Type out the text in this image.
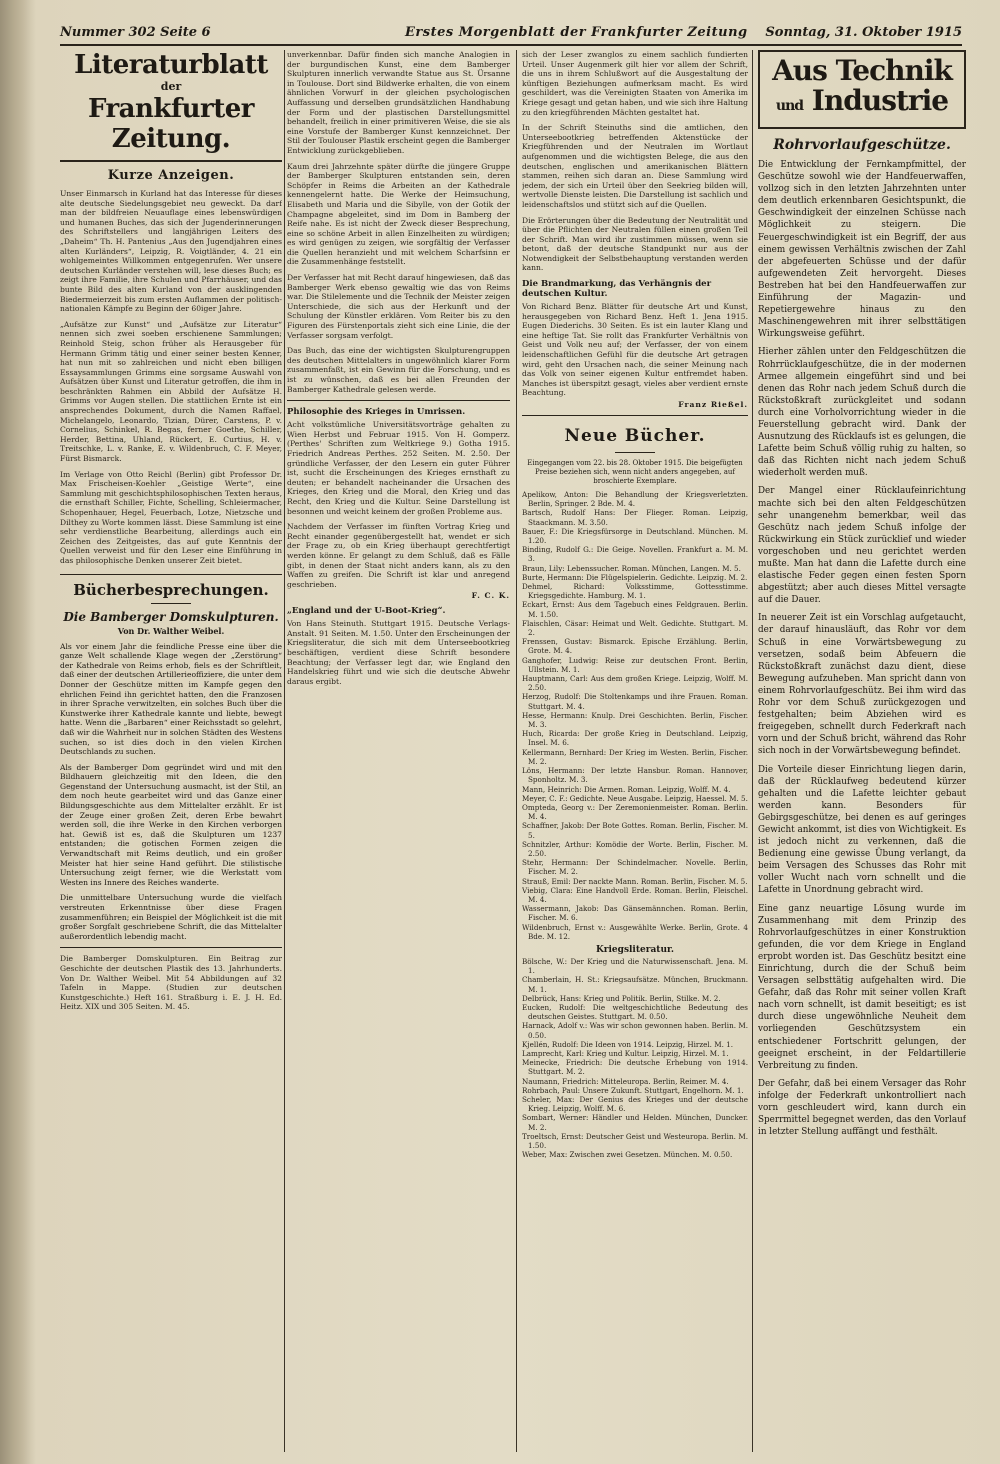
Nummer 302 Seite 6	Erstes Morgenblatt der Frankfurter Zeitung Sonntag, 31. Oktober 1915
Literaturblatt
der
Frankfurter Zeitung.
Kurze Anzeigen.

Unser Einmarsch in Kurland hat das Interesse für dieses alte deutsche Siedelungsgebiet neu geweckt. Da darf man der bildfreien Neuauflage eines lebenswürdigen und humanen Buches, das sich der Jugenderinnerungen des Schriftstellers und langjährigen Leiters des „Daheim“ Th. H. Pantenius „Aus den Jugendjahren eines alten Kurländers“, Leipzig, R. Voigtländer, 4. 21 ein wohlgemeintes Willkommen entgegenrufen. Wer unsere deutschen Kurländer verstehen will, lese dieses Buch; es zeigt ihre Familie, ihre Schulen und Pfarrhäuser, und das bunte Bild des alten Kurland von der ausklingenden Biedermeierzeit bis zum ersten Auflammen der politisch-nationalen Kämpfe zu Beginn der 60iger Jahre.

„Aufsätze zur Kunst“ und „Aufsätze zur Literatur“ nennen sich zwei soeben erschienene Sammlungen; Reinhold Steig, schon früher als Herausgeber für Hermann Grimm tätig und einer seiner besten Kenner, hat nun mit so zahlreichen und nicht eben billigen Essaysammlungen Grimms eine sorgsame Auswahl von Aufsätzen über Kunst und Literatur getroffen, die ihm in beschränkten Rahmen ein Abbild der Aufsätze H. Grimms vor Augen stellen. Die stattlichen Ernte ist ein ansprechendes Dokument, durch die Namen Raffael, Michelangelo, Leonardo, Tizian, Dürer, Carstens, P. v. Cornelius, Schinkel, R. Begas, ferner Goethe, Schiller, Herder, Bettina, Uhland, Rückert, E. Curtius, H. v. Treitschke, L. v. Ranke, E. v. Wildenbruch, C. F. Meyer, Fürst Bismarck.

Im Verlage von Otto Reichl (Berlin) gibt Professor Dr. Max Frischeisen-Koehler „Geistige Werte“, eine Sammlung mit geschichtsphilosophischen Texten heraus, die ernsthaft Schiller, Fichte, Schelling, Schleiermacher, Schopenhauer, Hegel, Feuerbach, Lotze, Nietzsche und Dilthey zu Worte kommen lässt. Diese Sammlung ist eine sehr verdienstliche Bearbeitung, allerdings auch ein Zeichen des Zeitgeistes, das auf gute Kenntnis der Quellen verweist und für den Leser eine Einführung in das philosophische Denken unserer Zeit bietet.

Bücherbesprechungen.
Die Bamberger Domskulpturen.
Von Dr. Walther Weibel.

Als vor einem Jahr die feindliche Presse eine über die ganze Welt schallende Klage wegen der „Zerstörung“ der Kathedrale von Reims erhob, fiels es der Schriftleit, daß einer der deutschen Artillerieoffiziere, die unter dem Donner der Geschütze mitten im Kampfe gegen den ehrlichen Feind ihn gerichtet hatten, den die Franzosen in ihrer Sprache verwitzelten, ein solches Buch über die Kunstwerke ihrer Kathedrale kannte und liebte, bewegt hatte. Wenn die „Barbaren“ einer Reichsstadt so gelehrt, daß wir die Wahrheit nur in solchen Städten des Westens suchen, so ist dies doch in den vielen Kirchen Deutschlands zu suchen.

Als der Bamberger Dom gegründet wird und mit den Bildhauern gleichzeitig mit den Ideen, die den Gegenstand der Untersuchung ausmacht, ist der Stil, an dem noch heute gearbeitet wird und das Ganze einer Bildungsgeschichte aus dem Mittelalter erzählt. Er ist der Zeuge einer großen Zeit, deren Erbe bewahrt werden soll, die ihre Werke in den Kirchen verborgen hat. Gewiß ist es, daß die Skulpturen um 1237 entstanden; die gotischen Formen zeigen die Verwandtschaft mit Reims deutlich, und ein großer Meister hat hier seine Hand geführt. Die stilistische Untersuchung zeigt ferner, wie die Werkstatt vom Westen ins Innere des Reiches wanderte.

Die unmittelbare Untersuchung wurde die vielfach verstreuten Erkenntnisse über diese Fragen zusammenführen; ein Beispiel der Möglichkeit ist die mit großer Sorgfalt geschriebene Schrift, die das Mittelalter außerordentlich lebendig macht.

Die Bamberger Domskulpturen. Ein Beitrag zur Geschichte der deutschen Plastik des 13. Jahrhunderts. Von Dr. Walther Weibel. Mit 54 Abbildungen auf 32 Tafeln in Mappe. (Studien zur deutschen Kunstgeschichte.) Heft 161. Straßburg i. E. J. H. Ed. Heitz. XIX und 305 Seiten. M. 45.

unverkennbar. Dafür finden sich manche Analogien in der burgundischen Kunst, eine dem Bamberger Skulpturen innerlich verwandte Statue aus St. Ürsanne in Toulouse. Dort sind Bildwerke erhalten, die von einem ähnlichen Vorwurf in der gleichen psychologischen Auffassung und derselben grundsätzlichen Handhabung der Form und der plastischen Darstellungsmittel behandelt, freilich in einer primitiveren Weise, die sie als eine Vorstufe der Bamberger Kunst kennzeichnet. Der Stil der Toulouser Plastik erscheint gegen die Bamberger Entwicklung zurückgeblieben.

Kaum drei Jahrzehnte später dürfte die jüngere Gruppe der Bamberger Skulpturen entstanden sein, deren Schöpfer in Reims die Arbeiten an der Kathedrale kennengelernt hatte. Die Werke der Heimsuchung, Elisabeth und Maria und die Sibylle, von der Gotik der Champagne abgeleitet, sind im Dom in Bamberg der Reife nahe. Es ist nicht der Zweck dieser Besprechung, eine so schöne Arbeit in allen Einzelheiten zu würdigen; es wird genügen zu zeigen, wie sorgfältig der Verfasser die Quellen heranzieht und mit welchem Scharfsinn er die Zusammenhänge feststellt.

Der Verfasser hat mit Recht darauf hingewiesen, daß das Bamberger Werk ebenso gewaltig wie das von Reims war. Die Stilelemente und die Technik der Meister zeigen Unterschiede, die sich aus der Herkunft und der Schulung der Künstler erklären. Vom Reiter bis zu den Figuren des Fürstenportals zieht sich eine Linie, die der Verfasser sorgsam verfolgt.

Das Buch, das eine der wichtigsten Skulpturengruppen des deutschen Mittelalters in ungewöhnlich klarer Form zusammenfaßt, ist ein Gewinn für die Forschung, und es ist zu wünschen, daß es bei allen Freunden der Bamberger Kathedrale gelesen werde.

Philosophie des Krieges in Umrissen.

Acht volkstümliche Universitätsvorträge gehalten zu Wien Herbst und Februar 1915. Von H. Gomperz. (Perthes' Schriften zum Weltkriege 9.) Gotha 1915. Friedrich Andreas Perthes. 252 Seiten. M. 2.50. Der gründliche Verfasser, der den Lesern ein guter Führer ist, sucht die Erscheinungen des Krieges ernsthaft zu deuten; er behandelt nacheinander die Ursachen des Krieges, den Krieg und die Moral, den Krieg und das Recht, den Krieg und die Kultur. Seine Darstellung ist besonnen und weicht keinem der großen Probleme aus.

Nachdem der Verfasser im fünften Vortrag Krieg und Recht einander gegenübergestellt hat, wendet er sich der Frage zu, ob ein Krieg überhaupt gerechtfertigt werden könne. Er gelangt zu dem Schluß, daß es Fälle gibt, in denen der Staat nicht anders kann, als zu den Waffen zu greifen. Die Schrift ist klar und anregend geschrieben.

F. C. K.
„England und der U-Boot-Krieg“.

Von Hans Steinuth. Stuttgart 1915. Deutsche Verlags-Anstalt. 91 Seiten. M. 1.50. Unter den Erscheinungen der Kriegsliteratur, die sich mit dem Unterseebootkrieg beschäftigen, verdient diese Schrift besondere Beachtung; der Verfasser legt dar, wie England den Handelskrieg führt und wie sich die deutsche Abwehr daraus ergibt.

sich der Leser zwanglos zu einem sachlich fundierten Urteil. Unser Augenmerk gilt hier vor allem der Schrift, die uns in ihrem Schlußwort auf die Ausgestaltung der künftigen Beziehungen aufmerksam macht. Es wird geschildert, was die Vereinigten Staaten von Amerika im Kriege gesagt und getan haben, und wie sich ihre Haltung zu den kriegführenden Mächten gestaltet hat.

In der Schrift Steinuths sind die amtlichen, den Unterseebootkrieg betreffenden Aktenstücke der Kriegführenden und der Neutralen im Wortlaut aufgenommen und die wichtigsten Belege, die aus den deutschen, englischen und amerikanischen Blättern stammen, reihen sich daran an. Diese Sammlung wird jedem, der sich ein Urteil über den Seekrieg bilden will, wertvolle Dienste leisten. Die Darstellung ist sachlich und leidenschaftslos und stützt sich auf die Quellen.

Die Erörterungen über die Bedeutung der Neutralität und über die Pflichten der Neutralen füllen einen großen Teil der Schrift. Man wird ihr zustimmen müssen, wenn sie betont, daß der deutsche Standpunkt nur aus der Notwendigkeit der Selbstbehauptung verstanden werden kann.

Die Brandmarkung, das Verhängnis der deutschen Kultur.

Von Richard Benz. Blätter für deutsche Art und Kunst, herausgegeben von Richard Benz. Heft 1. Jena 1915. Eugen Diederichs. 30 Seiten. Es ist ein lauter Klang und eine heftige Tat. Sie rollt das Frankfurter Verhältnis von Geist und Volk neu auf; der Verfasser, der von einem leidenschaftlichen Gefühl für die deutsche Art getragen wird, geht den Ursachen nach, die seiner Meinung nach das Volk von seiner eigenen Kultur entfremdet haben. Manches ist überspitzt gesagt, vieles aber verdient ernste Beachtung.

Franz Rießel.
Neue Bücher.

Eingegangen vom 22. bis 28. Oktober 1915. Die beigefügten Preise beziehen sich, wenn nicht anders angegeben, auf broschierte Exemplare.

Apelikow, Anton: Die Behandlung der Kriegsverletzten. Berlin, Springer. 2 Bde. M. 4.

Bartsch, Rudolf Hans: Der Flieger. Roman. Leipzig, Staackmann. M. 3.50.

Bauer, F.: Die Kriegsfürsorge in Deutschland. München. M. 1.20.

Binding, Rudolf G.: Die Geige. Novellen. Frankfurt a. M. M. 3.

Braun, Lily: Lebenssucher. Roman. München, Langen. M. 5.

Burte, Hermann: Die Flügelspielerin. Gedichte. Leipzig. M. 2.

Dehmel, Richard: Volksstimme, Gottesstimme. Kriegsgedichte. Hamburg. M. 1.

Eckart, Ernst: Aus dem Tagebuch eines Feldgrauen. Berlin. M. 1.50.

Flaischlen, Cäsar: Heimat und Welt. Gedichte. Stuttgart. M. 2.

Frenssen, Gustav: Bismarck. Epische Erzählung. Berlin, Grote. M. 4.

Ganghofer, Ludwig: Reise zur deutschen Front. Berlin, Ullstein. M. 1.

Hauptmann, Carl: Aus dem großen Kriege. Leipzig, Wolff. M. 2.50.

Herzog, Rudolf: Die Stoltenkamps und ihre Frauen. Roman. Stuttgart. M. 4.

Hesse, Hermann: Knulp. Drei Geschichten. Berlin, Fischer. M. 3.

Huch, Ricarda: Der große Krieg in Deutschland. Leipzig, Insel. M. 6.

Kellermann, Bernhard: Der Krieg im Westen. Berlin, Fischer. M. 2.

Löns, Hermann: Der letzte Hansbur. Roman. Hannover, Sponholtz. M. 3.

Mann, Heinrich: Die Armen. Roman. Leipzig, Wolff. M. 4.

Meyer, C. F.: Gedichte. Neue Ausgabe. Leipzig, Haessel. M. 5.

Ompteda, Georg v.: Der Zeremonienmeister. Roman. Berlin. M. 4.

Schaffner, Jakob: Der Bote Gottes. Roman. Berlin, Fischer. M. 5.

Schnitzler, Arthur: Komödie der Worte. Berlin, Fischer. M. 2.50.

Stehr, Hermann: Der Schindelmacher. Novelle. Berlin, Fischer. M. 2.

Strauß, Emil: Der nackte Mann. Roman. Berlin, Fischer. M. 5.

Viebig, Clara: Eine Handvoll Erde. Roman. Berlin, Fleischel. M. 4.

Wassermann, Jakob: Das Gänsemännchen. Roman. Berlin, Fischer. M. 6.

Wildenbruch, Ernst v.: Ausgewählte Werke. Berlin, Grote. 4 Bde. M. 12.

Kriegsliteratur.

Bölsche, W.: Der Krieg und die Naturwissenschaft. Jena. M. 1.

Chamberlain, H. St.: Kriegsaufsätze. München, Bruckmann. M. 1.

Delbrück, Hans: Krieg und Politik. Berlin, Stilke. M. 2.

Eucken, Rudolf: Die weltgeschichtliche Bedeutung des deutschen Geistes. Stuttgart. M. 0.50.

Harnack, Adolf v.: Was wir schon gewonnen haben. Berlin. M. 0.50.

Kjellén, Rudolf: Die Ideen von 1914. Leipzig, Hirzel. M. 1.

Lamprecht, Karl: Krieg und Kultur. Leipzig, Hirzel. M. 1.

Meinecke, Friedrich: Die deutsche Erhebung von 1914. Stuttgart. M. 2.

Naumann, Friedrich: Mitteleuropa. Berlin, Reimer. M. 4.

Rohrbach, Paul: Unsere Zukunft. Stuttgart, Engelhorn. M. 1.

Scheler, Max: Der Genius des Krieges und der deutsche Krieg. Leipzig, Wolff. M. 6.

Sombart, Werner: Händler und Helden. München, Duncker. M. 2.

Troeltsch, Ernst: Deutscher Geist und Westeuropa. Berlin. M. 1.50.

Weber, Max: Zwischen zwei Gesetzen. München. M. 0.50.

Aus Technik und Industrie
Rohrvorlaufgeschütze.

Die Entwicklung der Fernkampfmittel, der Geschütze sowohl wie der Handfeuerwaffen, vollzog sich in den letzten Jahrzehnten unter dem deutlich erkennbaren Gesichtspunkt, die Geschwindigkeit der einzelnen Schüsse nach Möglichkeit zu steigern. Die Feuergeschwindigkeit ist ein Begriff, der aus einem gewissen Verhältnis zwischen der Zahl der abgefeuerten Schüsse und der dafür aufgewendeten Zeit hervorgeht. Dieses Bestreben hat bei den Handfeuerwaffen zur Einführung der Magazin- und Repetiergewehre hinaus zu den Maschinengewehren mit ihrer selbsttätigen Wirkungsweise geführt.

Hierher zählen unter den Feldgeschützen die Rohrrücklaufgeschütze, die in der modernen Armee allgemein eingeführt sind und bei denen das Rohr nach jedem Schuß durch die Rückstoßkraft zurückgleitet und sodann durch eine Vorholvorrichtung wieder in die Feuerstellung gebracht wird. Dank der Ausnutzung des Rücklaufs ist es gelungen, die Lafette beim Schuß völlig ruhig zu halten, so daß das Richten nicht nach jedem Schuß wiederholt werden muß.

Der Mangel einer Rücklaufeinrichtung machte sich bei den alten Feldgeschützen sehr unangenehm bemerkbar, weil das Geschütz nach jedem Schuß infolge der Rückwirkung ein Stück zurücklief und wieder vorgeschoben und neu gerichtet werden mußte. Man hat dann die Lafette durch eine elastische Feder gegen einen festen Sporn abgestützt; aber auch dieses Mittel versagte auf die Dauer.

In neuerer Zeit ist ein Vorschlag aufgetaucht, der darauf hinausläuft, das Rohr vor dem Schuß in eine Vorwärtsbewegung zu versetzen, sodaß beim Abfeuern die Rückstoßkraft zunächst dazu dient, diese Bewegung aufzuheben. Man spricht dann von einem Rohrvorlaufgeschütz. Bei ihm wird das Rohr vor dem Schuß zurückgezogen und festgehalten; beim Abziehen wird es freigegeben, schnellt durch Federkraft nach vorn und der Schuß bricht, während das Rohr sich noch in der Vorwärtsbewegung befindet.

Die Vorteile dieser Einrichtung liegen darin, daß der Rücklaufweg bedeutend kürzer gehalten und die Lafette leichter gebaut werden kann. Besonders für Gebirgsgeschütze, bei denen es auf geringes Gewicht ankommt, ist dies von Wichtigkeit. Es ist jedoch nicht zu verkennen, daß die Bedienung eine gewisse Übung verlangt, da beim Versagen des Schusses das Rohr mit voller Wucht nach vorn schnellt und die Lafette in Unordnung gebracht wird.

Eine ganz neuartige Lösung wurde im Zusammenhang mit dem Prinzip des Rohrvorlaufgeschützes in einer Konstruktion gefunden, die vor dem Kriege in England erprobt worden ist. Das Geschütz besitzt eine Einrichtung, durch die der Schuß beim Versagen selbsttätig aufgehalten wird. Die Gefahr, daß das Rohr mit seiner vollen Kraft nach vorn schnellt, ist damit beseitigt; es ist durch diese ungewöhnliche Neuheit dem vorliegenden Geschützsystem ein entschiedener Fortschritt gelungen, der geeignet erscheint, in der Feldartillerie Verbreitung zu finden.

Der Gefahr, daß bei einem Versager das Rohr infolge der Federkraft unkontrolliert nach vorn geschleudert wird, kann durch ein Sperrmittel begegnet werden, das den Vorlauf in letzter Stellung auffängt und festhält.
